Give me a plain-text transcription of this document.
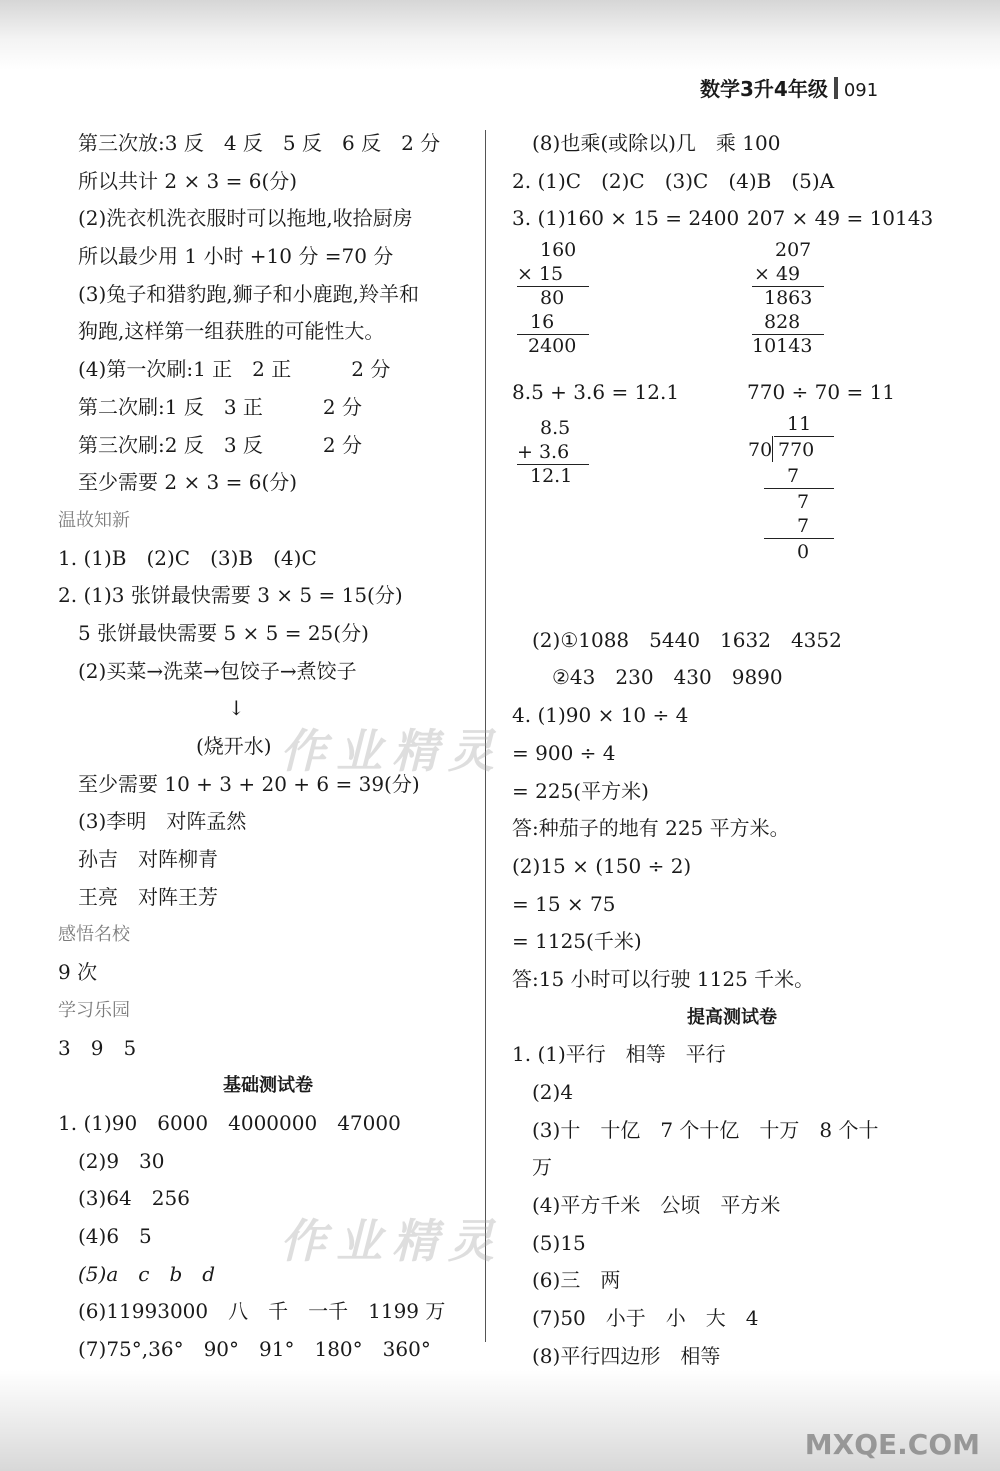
数学3升4年级 091
第三次放:3 反　4 反　5 反　6 反　2 分
所以共计 2 × 3 = 6(分)
(2)洗衣机洗衣服时可以拖地,收拾厨房
所以最少用 1 小时 +10 分 =70 分
(3)兔子和猎豹跑,狮子和小鹿跑,羚羊和
狗跑,这样第一组获胜的可能性大。
(4)第一次刷:1 正　2 正　　　2 分
第二次刷:1 反　3 正　　　2 分
第三次刷:2 反　3 反　　　2 分
至少需要 2 × 3 = 6(分)
温故知新
1. (1)B　(2)C　(3)B　(4)C
2. (1)3 张饼最快需要 3 × 5 = 15(分)
5 张饼最快需要 5 × 5 = 25(分)
(2)买菜→洗菜→包饺子→煮饺子
↓
(烧开水)
至少需要 10 + 3 + 20 + 6 = 39(分)
(3)李明　对阵孟然
孙吉　对阵柳青
王亮　对阵王芳
感悟名校
9 次
学习乐园
3　9　5
基础测试卷
1. (1)90　6000　4000000　47000
(2)9　30
(3)64　256
(4)6　5
(5)a　c　b　d
(6)11993000　八　千　一千　1199 万
(7)75°,36°　90°　91°　180°　360°
(8)也乘(或除以)几　乘 100
2. (1)C　(2)C　(3)C　(4)B　(5)A
3. (1)160 × 15 = 2400 207 × 49 = 10143
160
× 15
80
16
2400
207
× 49
1863
828
10143
8.5 + 3.6 = 12.1	770 ÷ 70 = 11
8.5
+ 3.6
12.1
11
70 770
7
7
7
0
(2)①1088　5440　1632　4352
②43　230　430　9890
4. (1)90 × 10 ÷ 4
= 900 ÷ 4
= 225(平方米)
答:种茄子的地有 225 平方米。
(2)15 × (150 ÷ 2)
= 15 × 75
= 1125(千米)
答:15 小时可以行驶 1125 千米。
提高测试卷
1. (1)平行　相等　平行
(2)4
(3)十　十亿　7 个十亿　十万　8 个十
万
(4)平方千米　公顷　平方米
(5)15
(6)三　两
(7)50　小于　小　大　4
(8)平行四边形　相等
作业精灵
作业精灵
MXQE.COM
